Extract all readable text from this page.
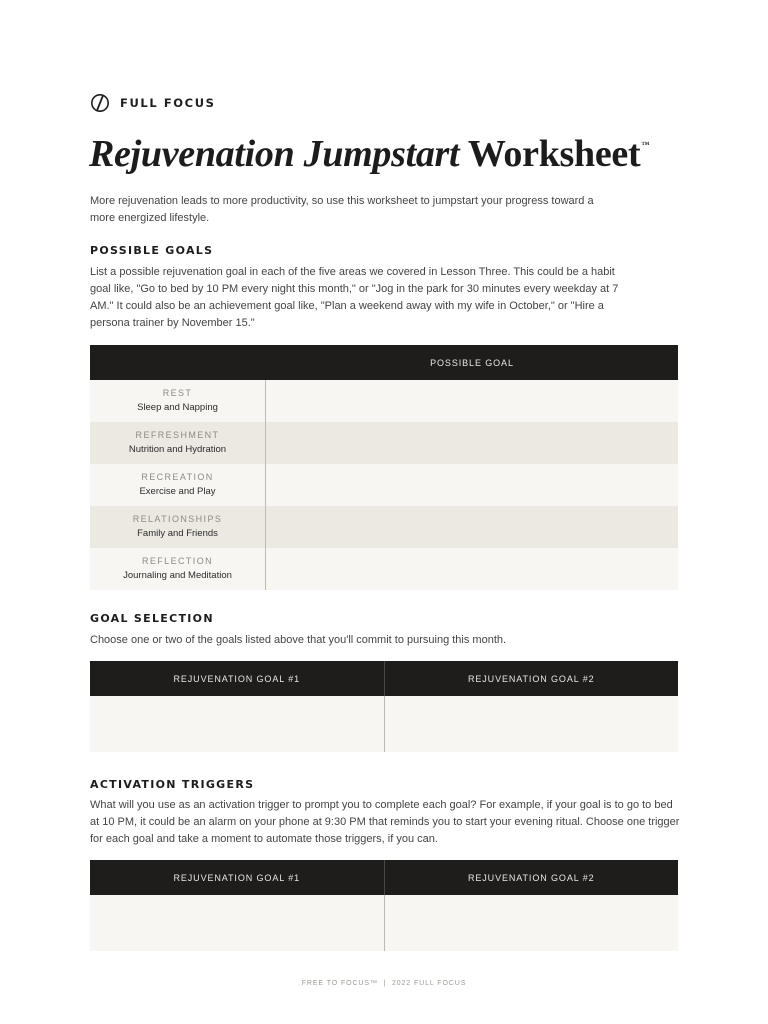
FULL FOCUS
Rejuvenation Jumpstart Worksheet™

More rejuvenation leads to more productivity, so use this worksheet to jumpstart your progress toward a more energized lifestyle.

POSSIBLE GOALS

List a possible rejuvenation goal in each of the five areas we covered in Lesson Three. This could be a habit goal like, "Go to bed by 10 PM every night this month," or "Jog in the park for 30 minutes every weekday at 7 AM." It could also be an achievement goal like, "Plan a weekend away with my wife in October," or "Hire a persona trainer by November 15."

POSSIBLE GOAL
REST
Sleep and Napping
REFRESHMENT
Nutrition and Hydration
RECREATION
Exercise and Play
RELATIONSHIPS
Family and Friends
REFLECTION
Journaling and Meditation
GOAL SELECTION

Choose one or two of the goals listed above that you'll commit to pursuing this month.

REJUVENATION GOAL #1	REJUVENATION GOAL #2
ACTIVATION TRIGGERS

What will you use as an activation trigger to prompt you to complete each goal? For example, if your goal is to go to bed at 10 PM, it could be an alarm on your phone at 9:30 PM that reminds you to start your evening ritual. Choose one trigger for each goal and take a moment to automate those triggers, if you can.

REJUVENATION GOAL #1	REJUVENATION GOAL #2
FREE TO FOCUS™  |  2022 FULL FOCUS
